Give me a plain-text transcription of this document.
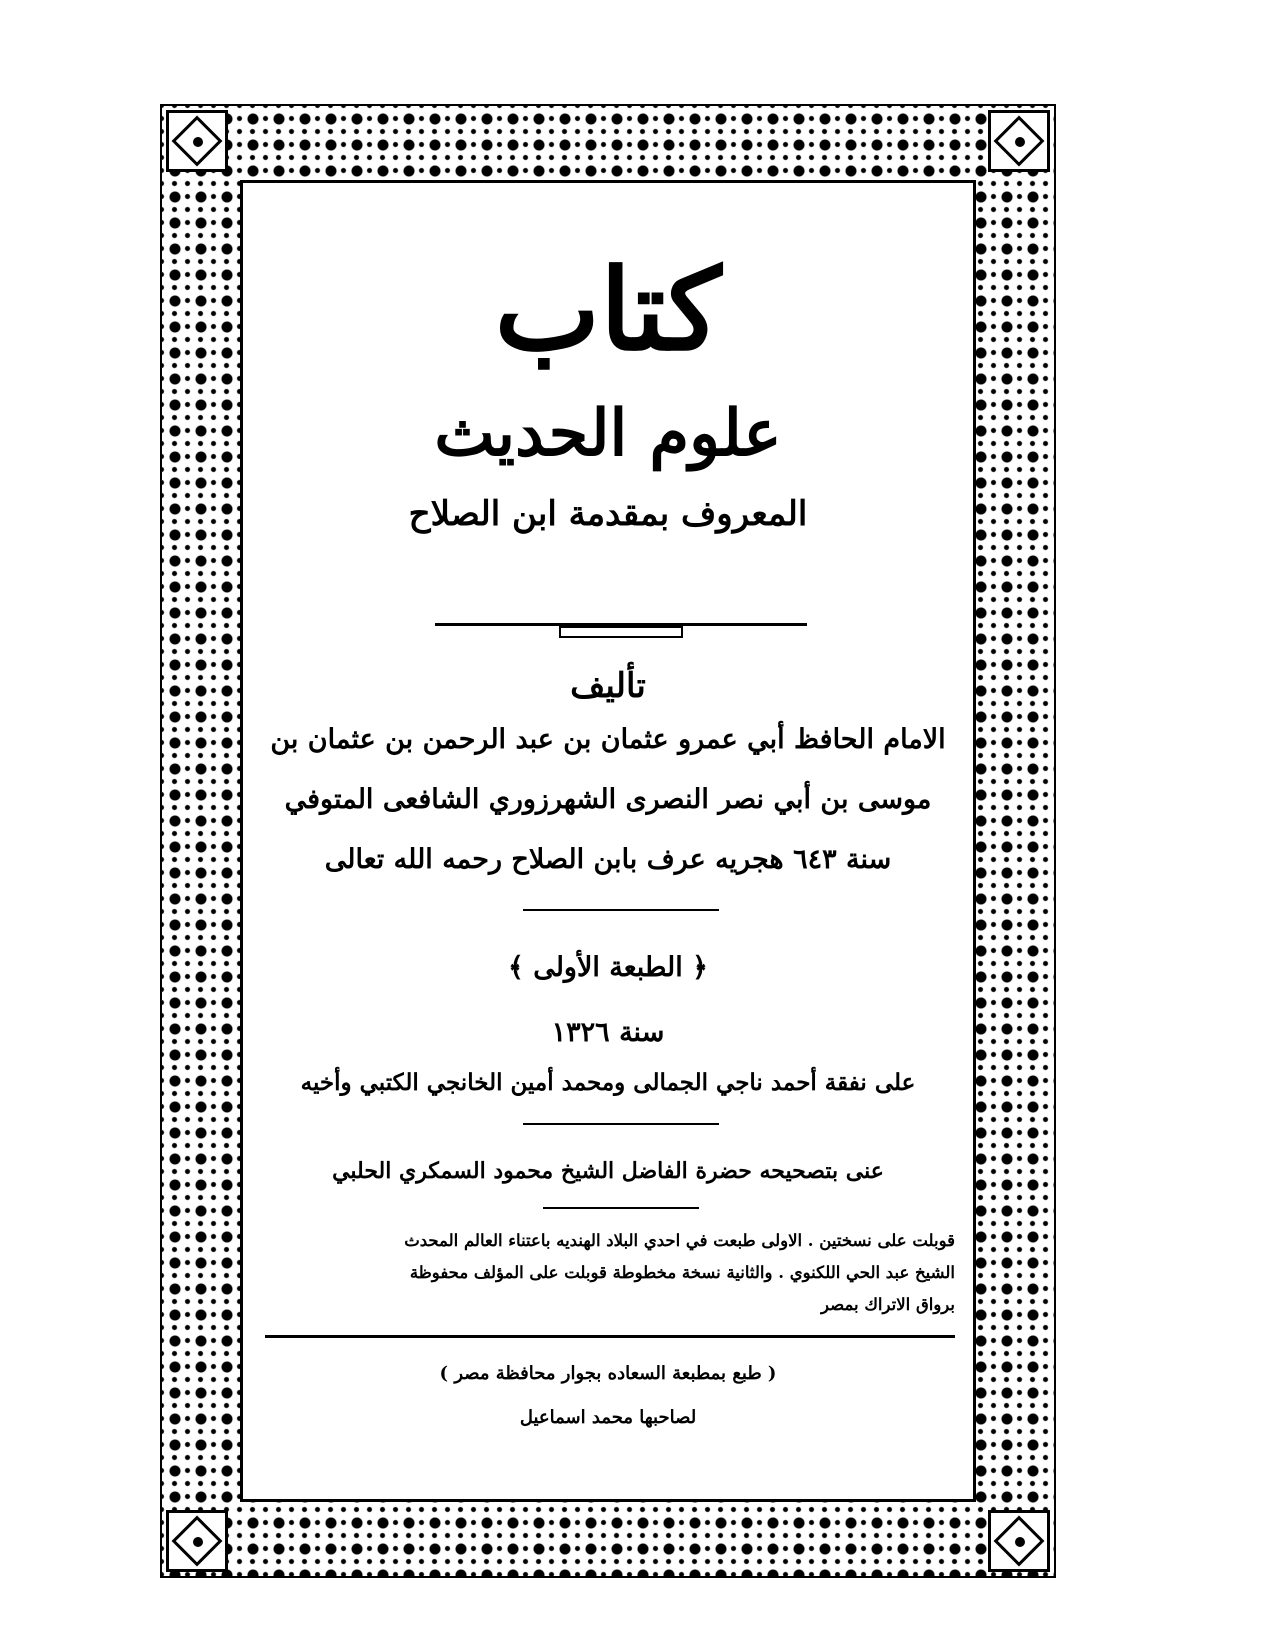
كتاب
علوم الحديث
المعروف بمقدمة ابن الصلاح
تأليف
الامام الحافظ أبي عمرو عثمان بن عبد الرحمن بن عثمان بن
موسى بن أبي نصر النصرى الشهرزوري الشافعى المتوفي
سنة ٦٤٣ هجريه عرف بابن الصلاح رحمه الله تعالى
﴿ الطبعة الأولى ﴾
سنة ١٣٢٦
على نفقة أحمد ناجي الجمالى ومحمد أمين الخانجي الكتبي وأخيه
عنى بتصحيحه حضرة الفاضل الشيخ محمود السمكري الحلبي
قوبلت على نسختين . الاولى طبعت في احدي البلاد الهنديه باعتناء العالم المحدث
الشيخ عبد الحي اللكنوي . والثانية نسخة مخطوطة قوبلت على المؤلف محفوظة
برواق الاتراك بمصر
( طبع بمطبعة السعاده بجوار محافظة مصر )
لصاحبها محمد اسماعيل
